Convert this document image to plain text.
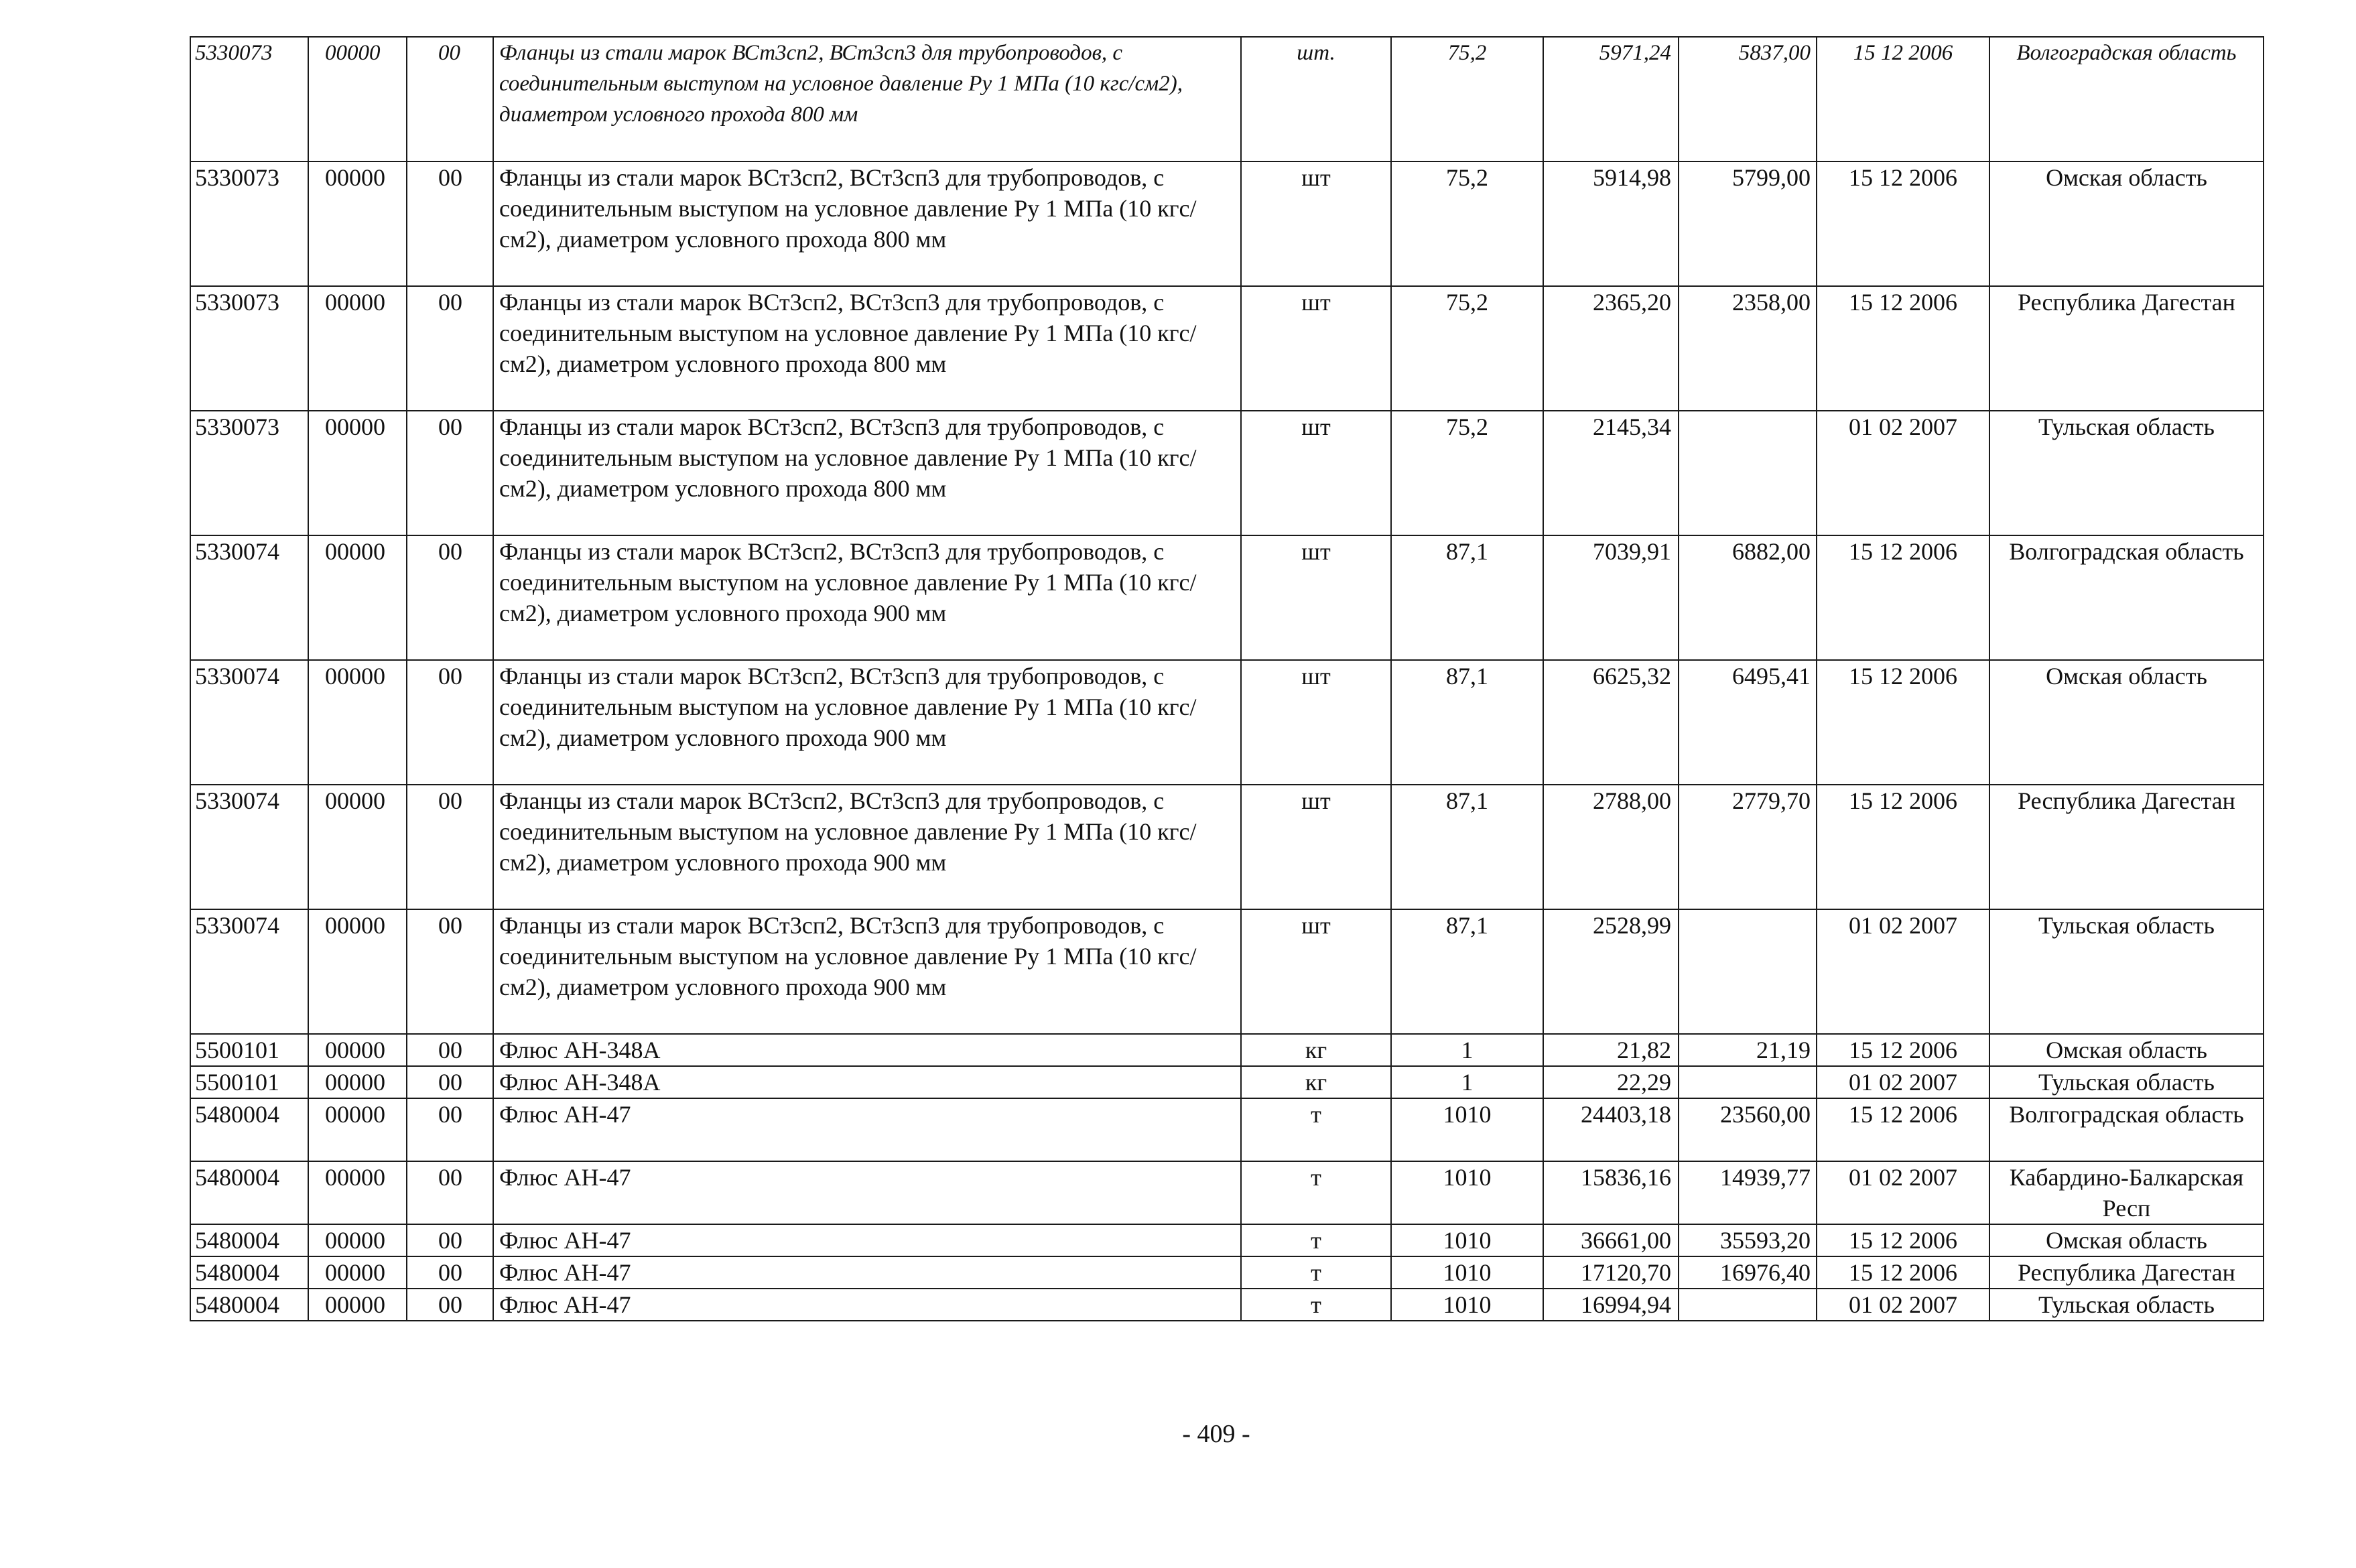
5330073	00000	00	Фланцы из стали марок ВСт3сп2, ВСт3сп3 для трубопроводов, с соединительным выступом на условное давление Ру 1 МПа (10 кгс/см2), диаметром условного прохода 800 мм	шт.	75,2	5971,24	5837,00	15 12 2006	Волгоградская область
5330073	00000	00	Фланцы из стали марок ВСт3сп2, ВСт3сп3 для трубопроводов, с соединительным выступом на условное давление Ру 1 МПа (10 кгс/см2), диаметром условного прохода 800 мм	шт	75,2	5914,98	5799,00	15 12 2006	Омская область
5330073	00000	00	Фланцы из стали марок ВСт3сп2, ВСт3сп3 для трубопроводов, с соединительным выступом на условное давление Ру 1 МПа (10 кгс/см2), диаметром условного прохода 800 мм	шт	75,2	2365,20	2358,00	15 12 2006	Республика Дагестан
5330073	00000	00	Фланцы из стали марок ВСт3сп2, ВСт3сп3 для трубопроводов, с соединительным выступом на условное давление Ру 1 МПа (10 кгс/см2), диаметром условного прохода 800 мм	шт	75,2	2145,34		01 02 2007	Тульская область
5330074	00000	00	Фланцы из стали марок ВСт3сп2, ВСт3сп3 для трубопроводов, с соединительным выступом на условное давление Ру 1 МПа (10 кгс/см2), диаметром условного прохода 900 мм	шт	87,1	7039,91	6882,00	15 12 2006	Волгоградская область
5330074	00000	00	Фланцы из стали марок ВСт3сп2, ВСт3сп3 для трубопроводов, с соединительным выступом на условное давление Ру 1 МПа (10 кгс/см2), диаметром условного прохода 900 мм	шт	87,1	6625,32	6495,41	15 12 2006	Омская область
5330074	00000	00	Фланцы из стали марок ВСт3сп2, ВСт3сп3 для трубопроводов, с соединительным выступом на условное давление Ру 1 МПа (10 кгс/см2), диаметром условного прохода 900 мм	шт	87,1	2788,00	2779,70	15 12 2006	Республика Дагестан
5330074	00000	00	Фланцы из стали марок ВСт3сп2, ВСт3сп3 для трубопроводов, с соединительным выступом на условное давление Ру 1 МПа (10 кгс/см2), диаметром условного прохода 900 мм	шт	87,1	2528,99		01 02 2007	Тульская область
5500101	00000	00	Флюс АН-348А	кг	1	21,82	21,19	15 12 2006	Омская область
5500101	00000	00	Флюс АН-348А	кг	1	22,29		01 02 2007	Тульская область
5480004	00000	00	Флюс АН-47	т	1010	24403,18	23560,00	15 12 2006	Волгоградская область
5480004	00000	00	Флюс АН-47	т	1010	15836,16	14939,77	01 02 2007	Кабардино-Балкарская Респ
5480004	00000	00	Флюс АН-47	т	1010	36661,00	35593,20	15 12 2006	Омская область
5480004	00000	00	Флюс АН-47	т	1010	17120,70	16976,40	15 12 2006	Республика Дагестан
5480004	00000	00	Флюс АН-47	т	1010	16994,94		01 02 2007	Тульская область
- 409 -
